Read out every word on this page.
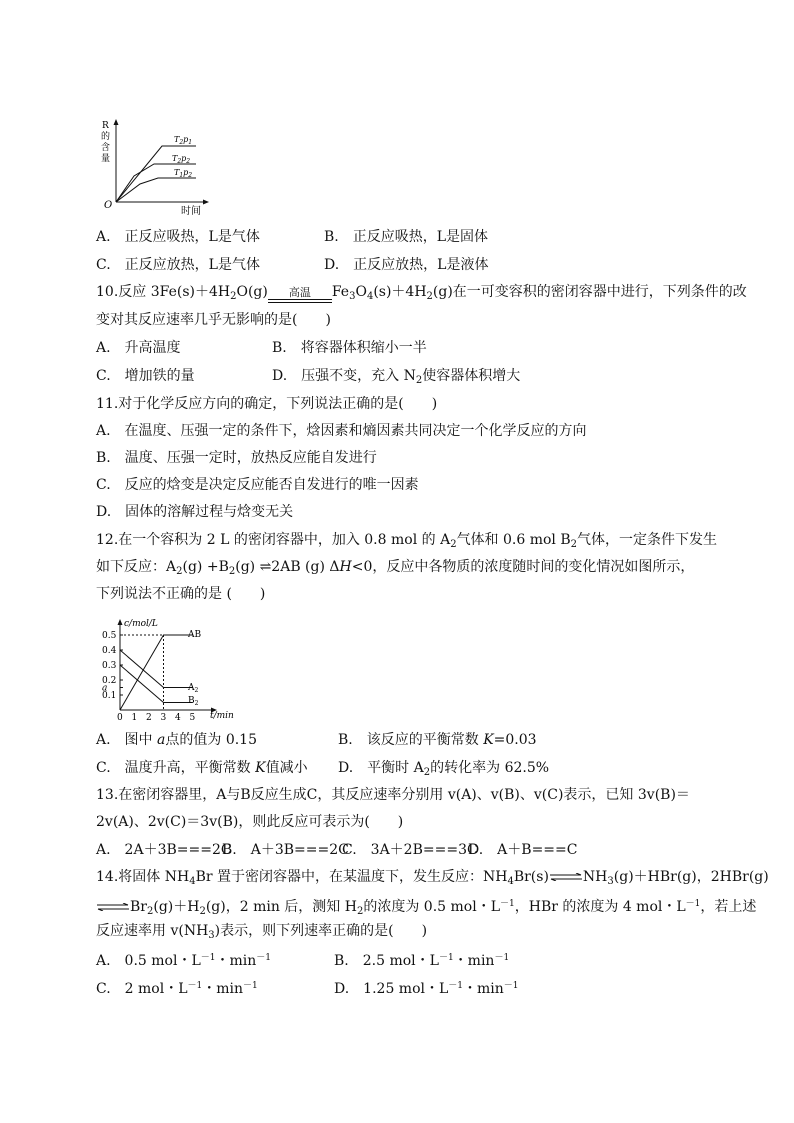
R
的
含
量
O
时间
$T_2p_1$
$T_2p_2$
$T_1p_2$
A.　正反应吸热，L是气体	B.　正反应吸热，L是固体
C.　正反应放热，L是气体	D.　正反应放热，L是液体
10.反应 $3Fe(s)+4H_2O(g)$	高温	$Fe_3O_4(s)+4H_2(g)$在一可变容积的密闭容器中进行，下列条件的改
变对其反应速率几乎无影响的是(　　)
A.　升高温度	B.　将容器体积缩小一半
C.　增加铁的量	D.　压强不变，充入 $N_2$使容器体积增大
11.对于化学反应方向的确定，下列说法正确的是(　　)
A.　在温度、压强一定的条件下，焓因素和熵因素共同决定一个化学反应的方向
B.　温度、压强一定时，放热反应能自发进行
C.　反应的焓变是决定反应能否自发进行的唯一因素
D.　固体的溶解过程与焓变无关
12.在一个容积为 2 L 的密闭容器中，加入 0.8 mol 的 $A_2$气体和 0.6 mol $B_2$气体，一定条件下发生
如下反应：$A_2(g) +B_2(g)$ ⇌2AB (g) ΔH<0，反应中各物质的浓度随时间的变化情况如图所示，
下列说法不正确的是 (　　)
c/mol/L
t/min
0.5
0.4
0.3
0.2
a
0.1
0 1 2 3 4 5
AB
$A_2$
$B_2$
A.　图中 a点的值为 0.15	B.　该反应的平衡常数 K=0.03
C.　温度升高，平衡常数 K值减小 D.　平衡时 $A_2$的转化率为 62.5%
13.在密闭容器里，A与B反应生成C，其反应速率分别用 v(A)、v(B)、v(C)表示，已知 3v(B)＝
2v(A)、2v(C)＝3v(B)，则此反应可表示为(　　)
A.　2A＋3B===2C
B.　A＋3B===2C
C.　3A＋2B===3C
D.　A＋B===C
14.将固体 $NH_4Br$ 置于密闭容器中，在某温度下，发生反应：$NH_4Br(s)\rightleftharpoons NH_3(g)+HBr(g)$，2HBr(g)
$\rightleftharpoons Br_2(g)+H_2(g)$，2 min 后，测知 $H_2$的浓度为 0.5 mol・$L^{-1}$，HBr 的浓度为 4 mol・$L^{-1}$，若上述
反应速率用 $v(NH_3)$表示，则下列速率正确的是(　　)
A.　0.5 mol・$L^{-1}$・$\min^{-1}$	B.　2.5 mol・$L^{-1}$・$\min^{-1}$
C.　2 mol・$L^{-1}$・$\min^{-1}$	D.　1.25 mol・$L^{-1}$・$\min^{-1}$
